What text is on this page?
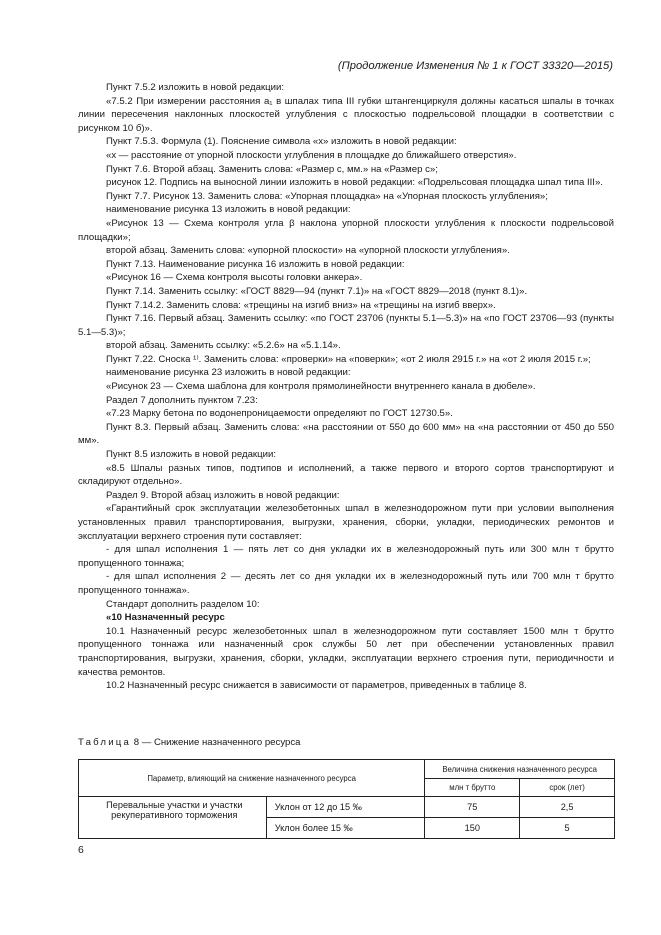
(Продолжение Изменения № 1 к ГОСТ 33320—2015)

Пункт 7.5.2 изложить в новой редакции:

«7.5.2 При измерении расстояния a₁ в шпалах типа III губки штангенциркуля должны касаться шпалы в точках линии пересечения наклонных плоскостей углубления с плоскостью подрельсовой площадки в соответствии с рисунком 10 б)».

Пункт 7.5.3. Формула (1). Пояснение символа «x» изложить в новой редакции:

«x — расстояние от упорной плоскости углубления в площадке до ближайшего отверстия».

Пункт 7.6. Второй абзац. Заменить слова: «Размер c, мм.» на «Размер c»;

рисунок 12. Подпись на выносной линии изложить в новой редакции: «Подрельсовая площадка шпал типа III».

Пункт 7.7. Рисунок 13. Заменить слова: «Упорная площадка» на «Упорная плоскость углубления»;

наименование рисунка 13 изложить в новой редакции:

«Рисунок 13 — Схема контроля угла β наклона упорной плоскости углубления к плоскости подрельсовой площадки»;

второй абзац. Заменить слова: «упорной плоскости» на «упорной плоскости углубления».

Пункт 7.13. Наименование рисунка 16 изложить в новой редакции:

«Рисунок 16 — Схема контроля высоты головки анкера».

Пункт 7.14. Заменить ссылку: «ГОСТ 8829—94 (пункт 7.1)» на «ГОСТ 8829—2018 (пункт 8.1)».

Пункт 7.14.2. Заменить слова: «трещины на изгиб вниз» на «трещины на изгиб вверх».

Пункт 7.16. Первый абзац. Заменить ссылку: «по ГОСТ 23706 (пункты 5.1—5.3)» на «по ГОСТ 23706—93 (пункты 5.1—5.3)»;

второй абзац. Заменить ссылку: «5.2.6» на «5.1.14».

Пункт 7.22. Сноска ¹⁾. Заменить слова: «проверки» на «поверки»; «от 2 июля 2915 г.» на «от 2 июля 2015 г.»;

наименование рисунка 23 изложить в новой редакции:

«Рисунок 23 — Схема шаблона для контроля прямолинейности внутреннего канала в дюбеле».

Раздел 7 дополнить пунктом 7.23:

«7.23 Марку бетона по водонепроницаемости определяют по ГОСТ 12730.5».

Пункт 8.3. Первый абзац. Заменить слова: «на расстоянии от 550 до 600 мм» на «на расстоянии от 450 до 550 мм».

Пункт 8.5 изложить в новой редакции:

«8.5 Шпалы разных типов, подтипов и исполнений, а также первого и второго сортов транспортируют и складируют отдельно».

Раздел 9. Второй абзац изложить в новой редакции:

«Гарантийный срок эксплуатации железобетонных шпал в железнодорожном пути при условии выполнения установленных правил транспортирования, выгрузки, хранения, сборки, укладки, периодических ремонтов и эксплуатации верхнего строения пути составляет:

- для шпал исполнения 1 — пять лет со дня укладки их в железнодорожный путь или 300 млн т брутто пропущенного тоннажа;

- для шпал исполнения 2 — десять лет со дня укладки их в железнодорожный путь или 700 млн т брутто пропущенного тоннажа».

Стандарт дополнить разделом 10:

«10 Назначенный ресурс

10.1 Назначенный ресурс железобетонных шпал в железнодорожном пути составляет 1500 млн т брутто пропущенного тоннажа или назначенный срок службы 50 лет при обеспечении установленных правил транспортирования, выгрузки, хранения, сборки, укладки, эксплуатации верхнего строения пути, периодичности и качества ремонтов.

10.2 Назначенный ресурс снижается в зависимости от параметров, приведенных в таблице 8.

Таблица 8 — Снижение назначенного ресурса
Параметр, влияющий на снижение назначенного ресурса		Величина снижения назначенного ресурса	
		млн т брутто	срок (лет)
Перевальные участки и участки рекуперативного торможения	Уклон от 12 до 15 ‰	75	2,5
	Уклон более 15 ‰	150	5
6
